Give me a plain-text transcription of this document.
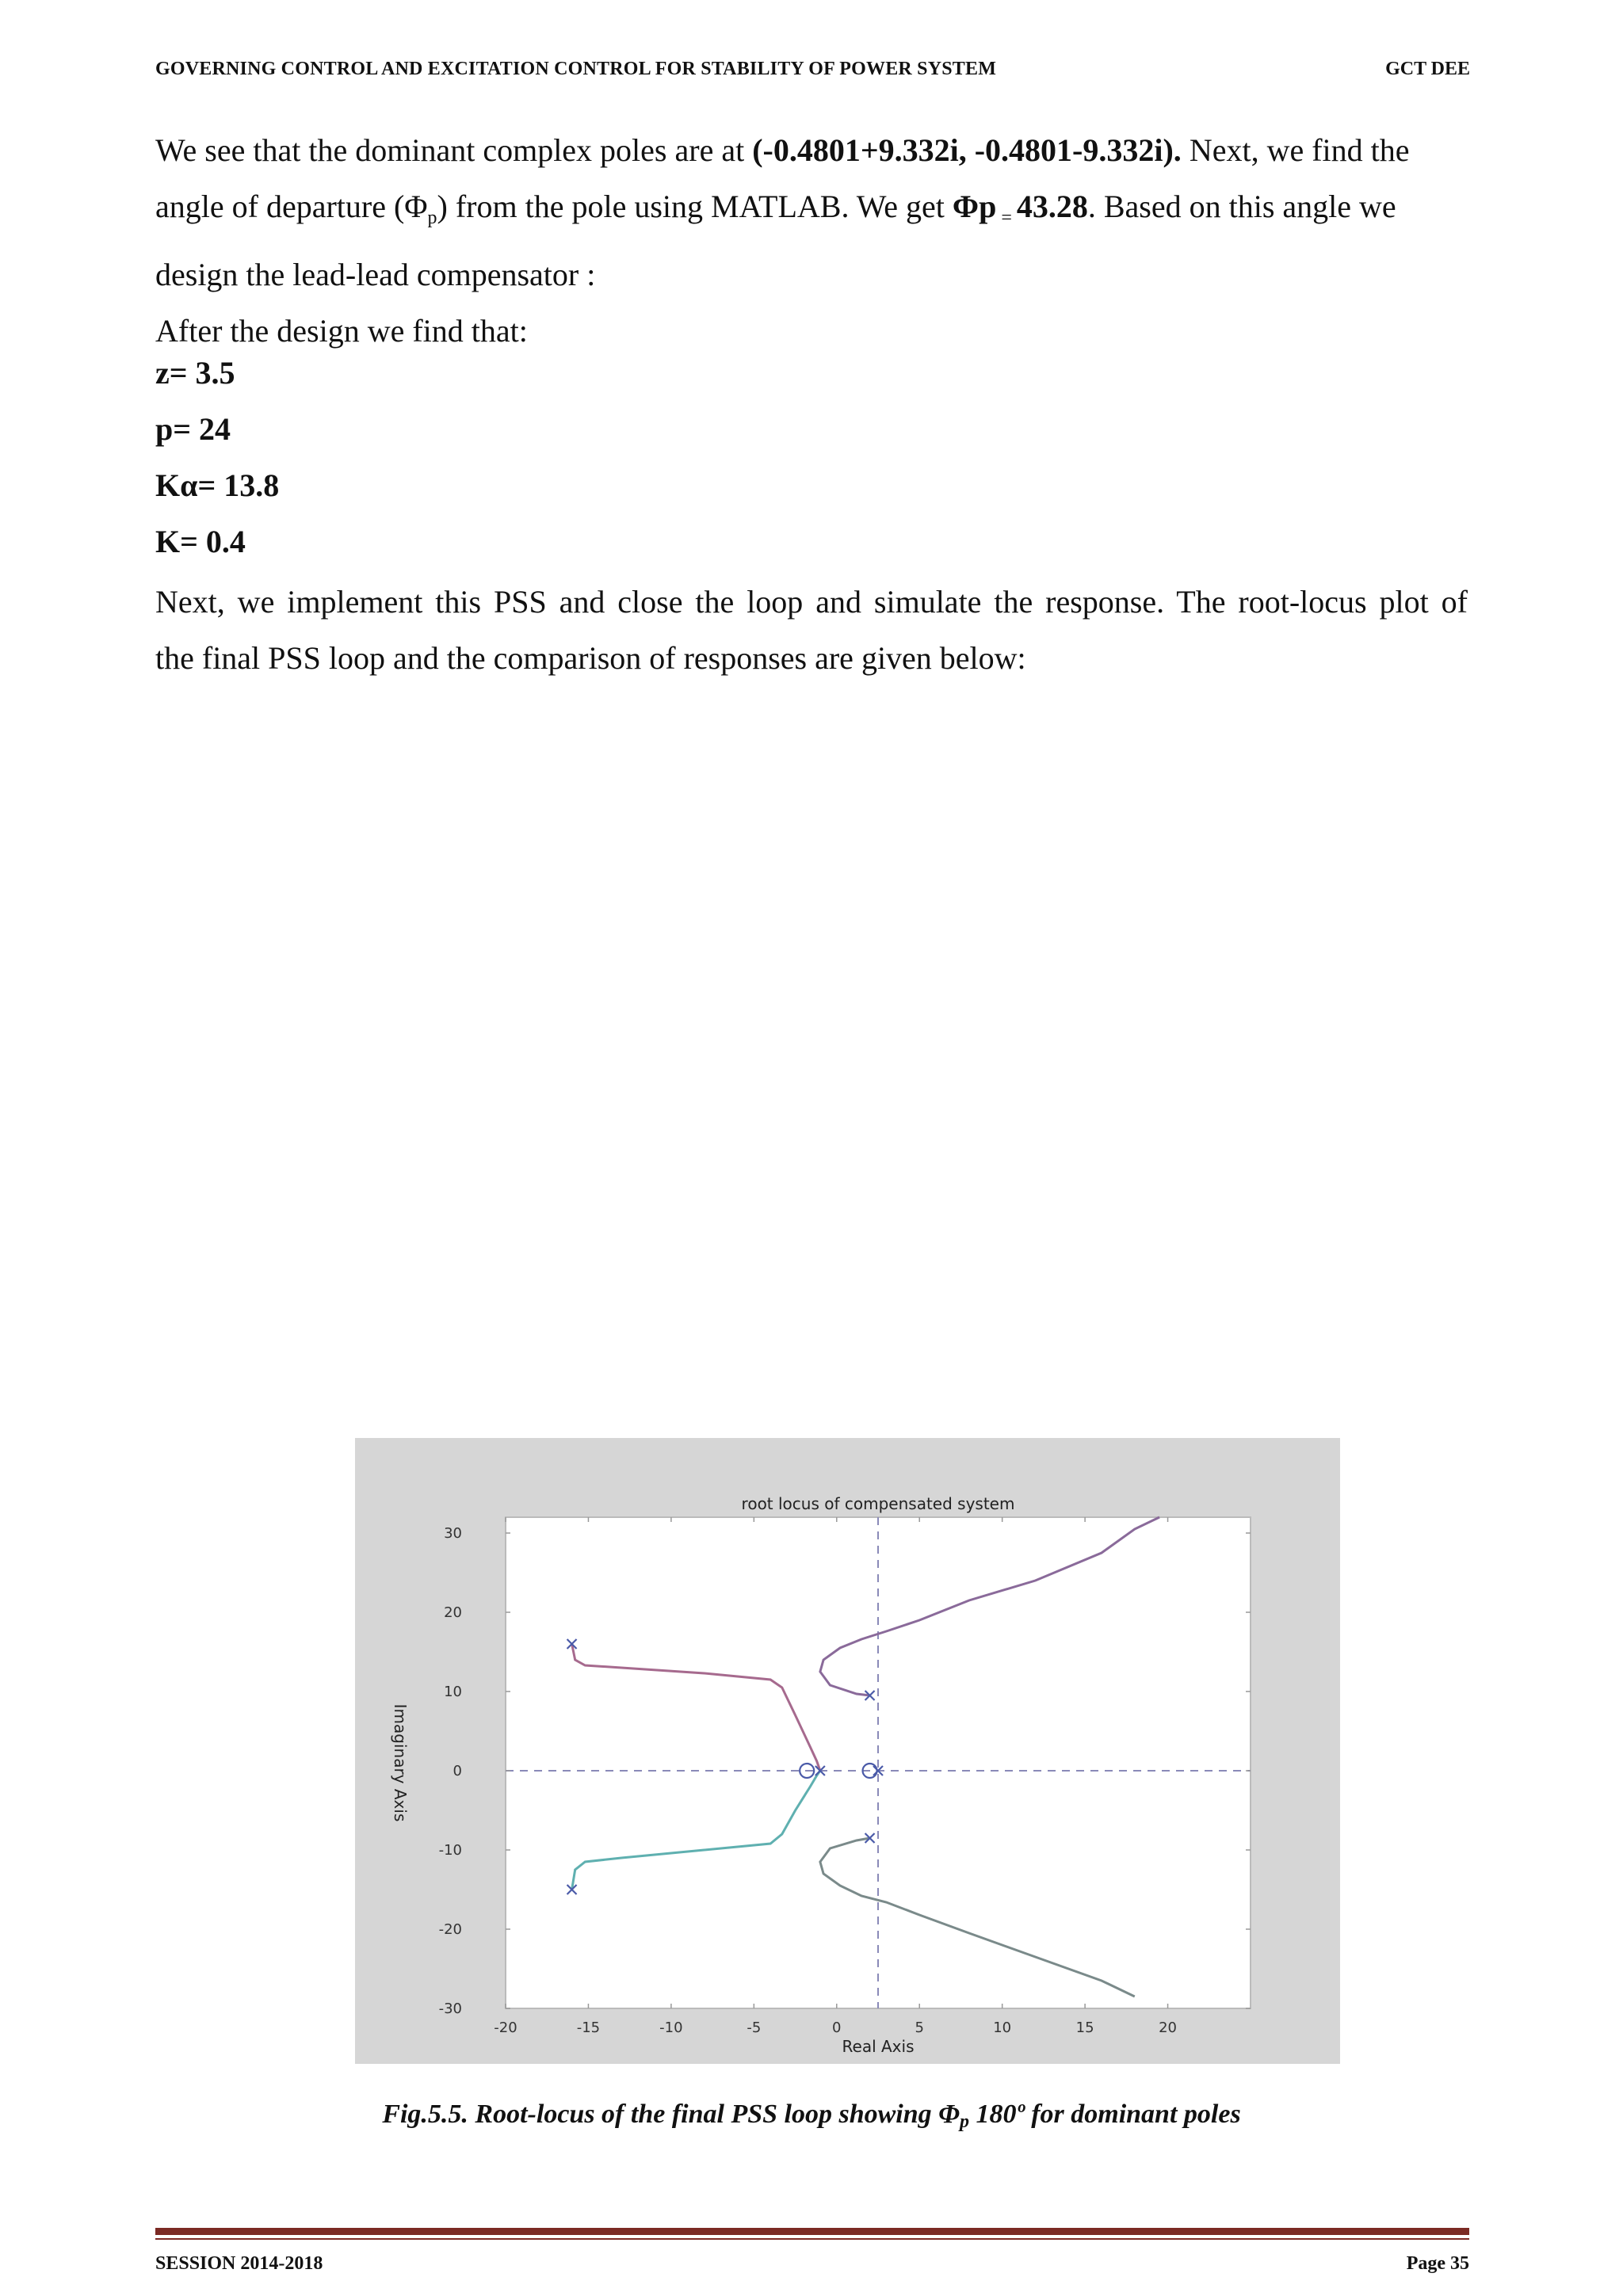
GOVERNING CONTROL AND EXCITATION CONTROL FOR STABILITY OF POWER SYSTEM	GCT DEE
We see that the dominant complex poles are at (-0.4801+9.332i, -0.4801-9.332i). Next, we find the
angle of departure $(\Phi_p)$ from the pole using MATLAB. We get Φp $_=$ 43.28. Based on this angle we
design the lead-lead compensator :
After the design we find that:
z= 3.5
p= 24
Kα= 13.8
K= 0.4
Next, we implement this PSS and close the loop and simulate the response. The root-locus plot of
the final PSS loop and the comparison of responses are given below:
root locus of compensated system
Real Axis
Imaginary Axis
-20	-15	-10	-5	0	5	10	15	20
30
20
10
0
-10
-20
-30
Fig.5.5. Root-locus of the final PSS loop showing Φp 180º for dominant poles
SESSION 2014-2018	Page 35
